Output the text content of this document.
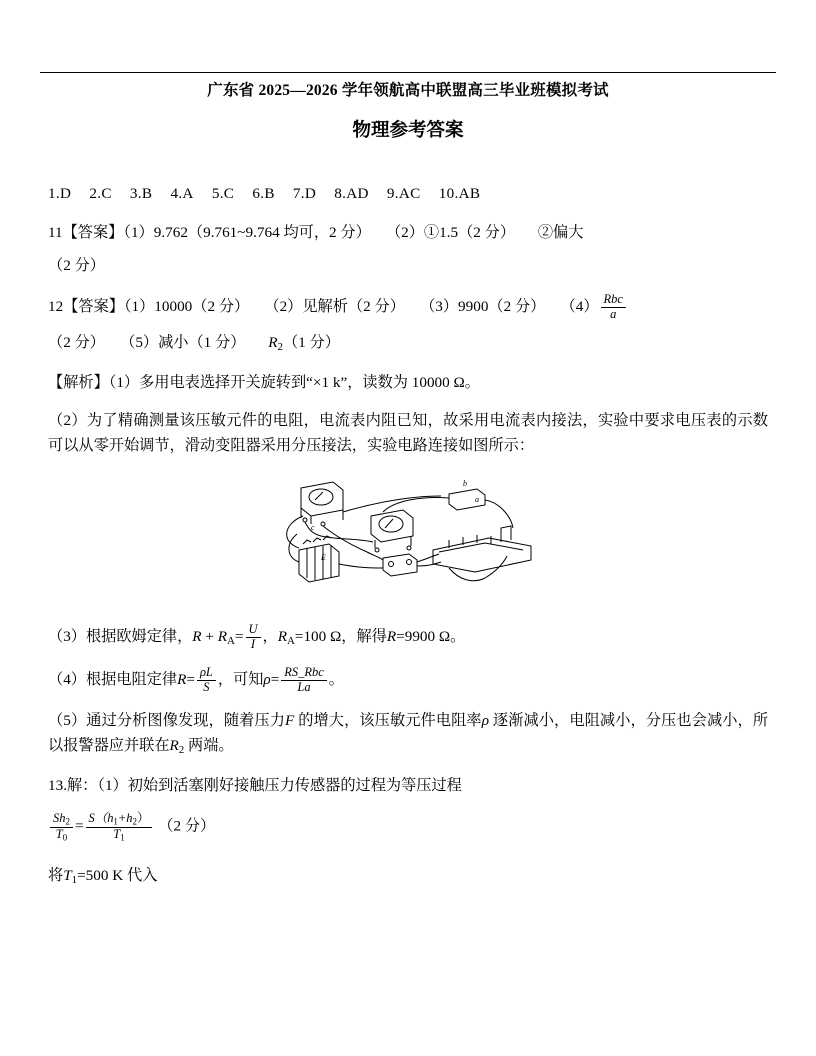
广东省 2025—2026 学年领航高中联盟高三毕业班模拟考试
物理参考答案

1.D 2.C 3.B 4.A 5.C 6.B 7.D 8.AD 9.AC 10.AB

11【答案】（1）9.762（9.761~9.764 均可，2 分）　　（2）①1.5（2 分）　　②偏大

（2 分）

12【答案】（1）10000（2 分）　　（2）见解析（2 分）　　（3）9900（2 分）　　$(4) \frac{\text{Rbc}}{a}$

（2 分）　　（5）减小（1 分）　　$R_2(1$ 分）

【解析】（1）多用电表选择开关旋转到“×1 k”，读数为 10000 Ω。

（2）为了精确测量该压敏元件的电阻，电流表内阻已知，故采用电流表内接法，实验中要求电压表的示数可以从零开始调节，滑动变阻器采用分压接法，实验电路连接如图所示：

E
b
a
c

（3）根据欧姆定律，$R + R_A= \frac{U}{I}$ ，$R_A=100$ Ω，解得R=9900 Ω。

（4）根据电阻定律$R= \frac{\rho L}{S}$ ，可知$\rho= \frac{\text{RS\_Rbc}}{La}$ 。

（5）通过分析图像发现，随着压力F 的增大，该压敏元件电阻率ρ 逐渐减小，电阻减小，分压也会减小，所以报警器应并联在$R_2$ 两端。

13.解：（1）初始到活塞刚好接触压力传感器的过程为等压过程

$\frac{Sh_2}{T_0} = \frac{S(h_1+h_2)}{T_1} (2$ 分）

将$T_1=500$ K 代入
